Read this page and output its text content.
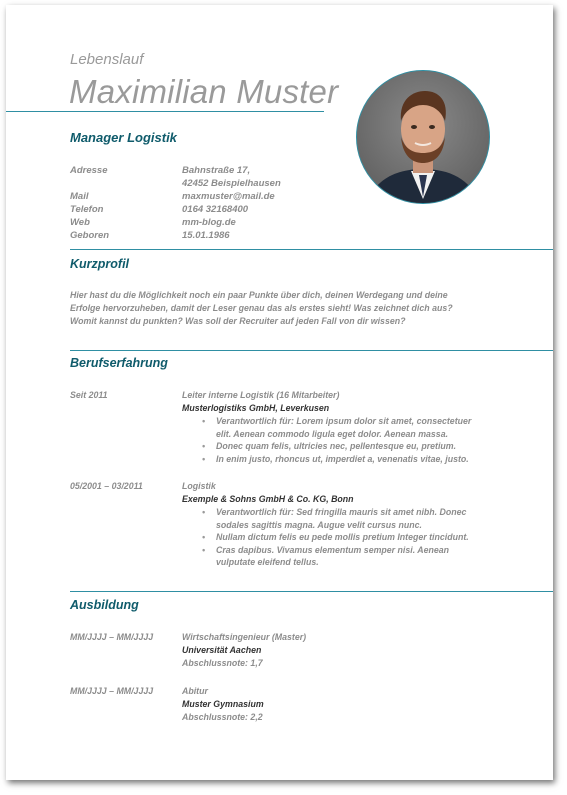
Lebenslauf
Maximilian Muster
Manager Logistik
Adresse	Bahnstraße 17,
42452 Beispielhausen
Mail	maxmuster@mail.de
Telefon	0164 32168400
Web	mm-blog.de
Geboren	15.01.1986
Kurzprofil
Hier hast du die Möglichkeit noch ein paar Punkte über dich, deinen Werdegang und deine
Erfolge hervorzuheben, damit der Leser genau das als erstes sieht! Was zeichnet dich aus?
Womit kannst du punkten? Was soll der Recruiter auf jeden Fall von dir wissen?
Berufserfahrung
Seit 2011	Leiter interne Logistik (16 Mitarbeiter)
Musterlogistiks GmbH, Leverkusen
• Verantwortlich für: Lorem ipsum dolor sit amet, consectetuer
elit. Aenean commodo ligula eget dolor. Aenean massa.
• Donec quam felis, ultricies nec, pellentesque eu, pretium.
• In enim justo, rhoncus ut, imperdiet a, venenatis vitae, justo.
05/2001 – 03/2011	Logistik
Exemple & Sohns GmbH & Co. KG, Bonn
• Verantwortlich für: Sed fringilla mauris sit amet nibh. Donec
sodales sagittis magna. Augue velit cursus nunc.
• Nullam dictum felis eu pede mollis pretium Integer tincidunt.
• Cras dapibus. Vivamus elementum semper nisi. Aenean
vulputate eleifend tellus.
Ausbildung
MM/JJJJ – MM/JJJJ	Wirtschaftsingenieur (Master)
Universität Aachen
Abschlussnote: 1,7
MM/JJJJ – MM/JJJJ	Abitur
Muster Gymnasium
Abschlussnote: 2,2
